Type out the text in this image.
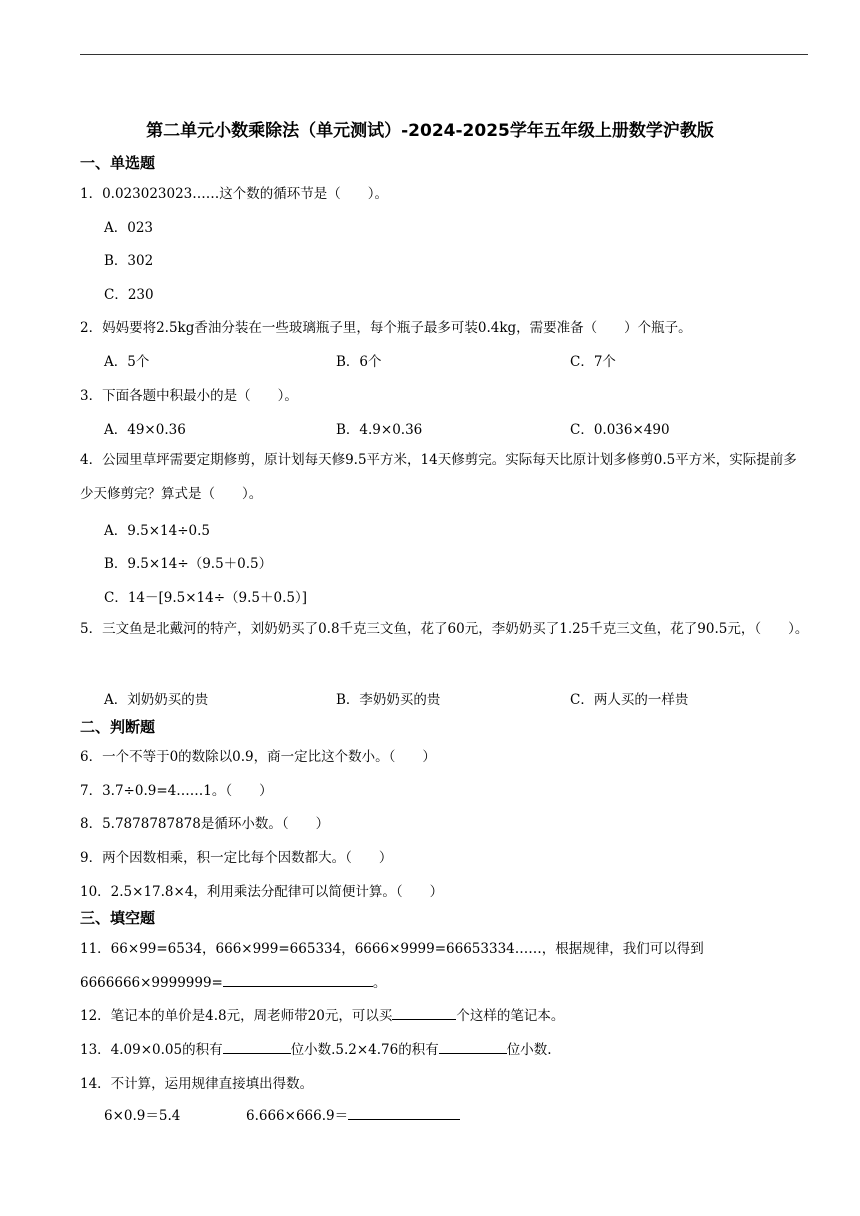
第二单元小数乘除法（单元测试）-2024-2025学年五年级上册数学沪教版
一、单选题
1．0.023023023……这个数的循环节是（　　）。
A．023
B．302
C．230
2．妈妈要将2.5kg香油分装在一些玻璃瓶子里，每个瓶子最多可装0.4kg，需要准备（　　）个瓶子。
A．5个	B．6个	C．7个
3．下面各题中积最小的是（　　）。
A．49×0.36	B．4.9×0.36	C．0.036×490
4．公园里草坪需要定期修剪，原计划每天修9.5平方米，14天修剪完。实际每天比原计划多修剪0.5平方米，实际提前多少天修剪完？算式是（　　）。
A．9.5×14÷0.5
B．9.5×14÷（9.5＋0.5）
C．14－[9.5×14÷（9.5＋0.5）]
5．三文鱼是北戴河的特产，刘奶奶买了0.8千克三文鱼，花了60元，李奶奶买了1.25千克三文鱼，花了90.5元，（　　）。
A．刘奶奶买的贵	B．李奶奶买的贵	C．两人买的一样贵
二、判断题
6．一个不等于0的数除以0.9，商一定比这个数小。（　　）
7．3.7÷0.9=4……1。（　　）
8．5.7878787878是循环小数。（　　）
9．两个因数相乘，积一定比每个因数都大。（　　）
10．2.5×17.8×4，利用乘法分配律可以简便计算。（　　）
三、填空题
11．66×99=6534，666×999=665334，6666×9999=66653334……，根据规律，我们可以得到
6666666×9999999=	。
12．笔记本的单价是4.8元，周老师带20元，可以买	个这样的笔记本。
13．4.09×0.05的积有	位小数.5.2×4.76的积有	位小数.
14．不计算，运用规律直接填出得数。
6×0.9＝5.4	6.666×666.9＝
